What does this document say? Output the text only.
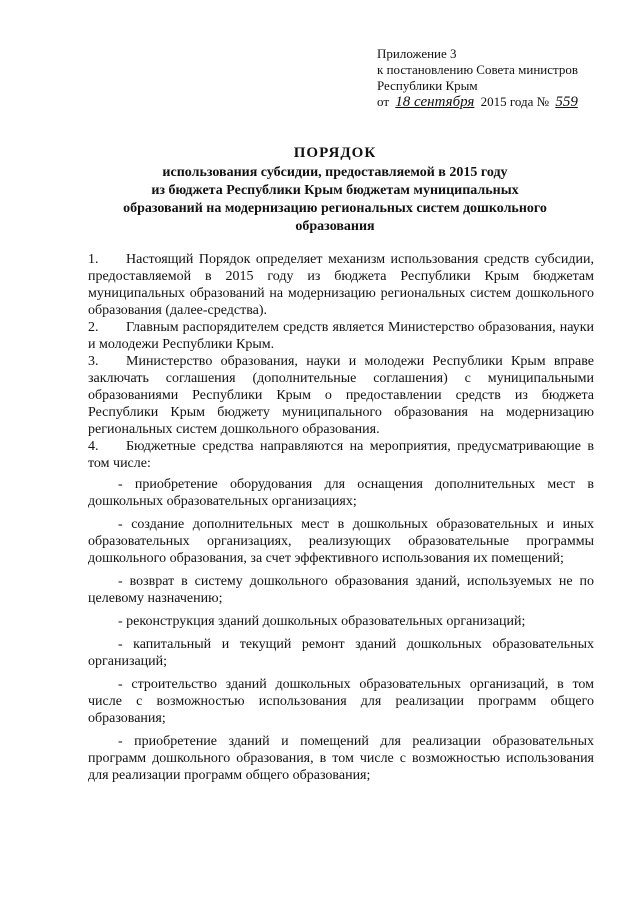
Приложение 3
к постановлению Совета министров
Республики Крым
от 18 сентября 2015 года № 559
ПОРЯДОК
использования субсидии, предоставляемой в 2015 году
из бюджета Республики Крым бюджетам муниципальных
образований на модернизацию региональных систем дошкольного
образования

1. Настоящий Порядок определяет механизм использования средств субсидии, предоставляемой в 2015 году из бюджета Республики Крым бюджетам муниципальных образований на модернизацию региональных систем дошкольного образования (далее-средства).

2. Главным распорядителем средств является Министерство образования, науки и молодежи Республики Крым.

3. Министерство образования, науки и молодежи Республики Крым вправе заключать соглашения (дополнительные соглашения) с муниципальными образованиями Республики Крым о предоставлении средств из бюджета Республики Крым бюджету муниципального образования на модернизацию региональных систем дошкольного образования.

4. Бюджетные средства направляются на мероприятия, предусматривающие в том числе:

- приобретение оборудования для оснащения дополнительных мест в дошкольных образовательных организациях;

- создание дополнительных мест в дошкольных образовательных и иных образовательных организациях, реализующих образовательные программы дошкольного образования, за счет эффективного использования их помещений;

- возврат в систему дошкольного образования зданий, используемых не по целевому назначению;

- реконструкция зданий дошкольных образовательных организаций;

- капитальный и текущий ремонт зданий дошкольных образовательных организаций;

- строительство зданий дошкольных образовательных организаций, в том числе с возможностью использования для реализации программ общего образования;

- приобретение зданий и помещений для реализации образовательных программ дошкольного образования, в том числе с возможностью использования для реализации программ общего образования;
